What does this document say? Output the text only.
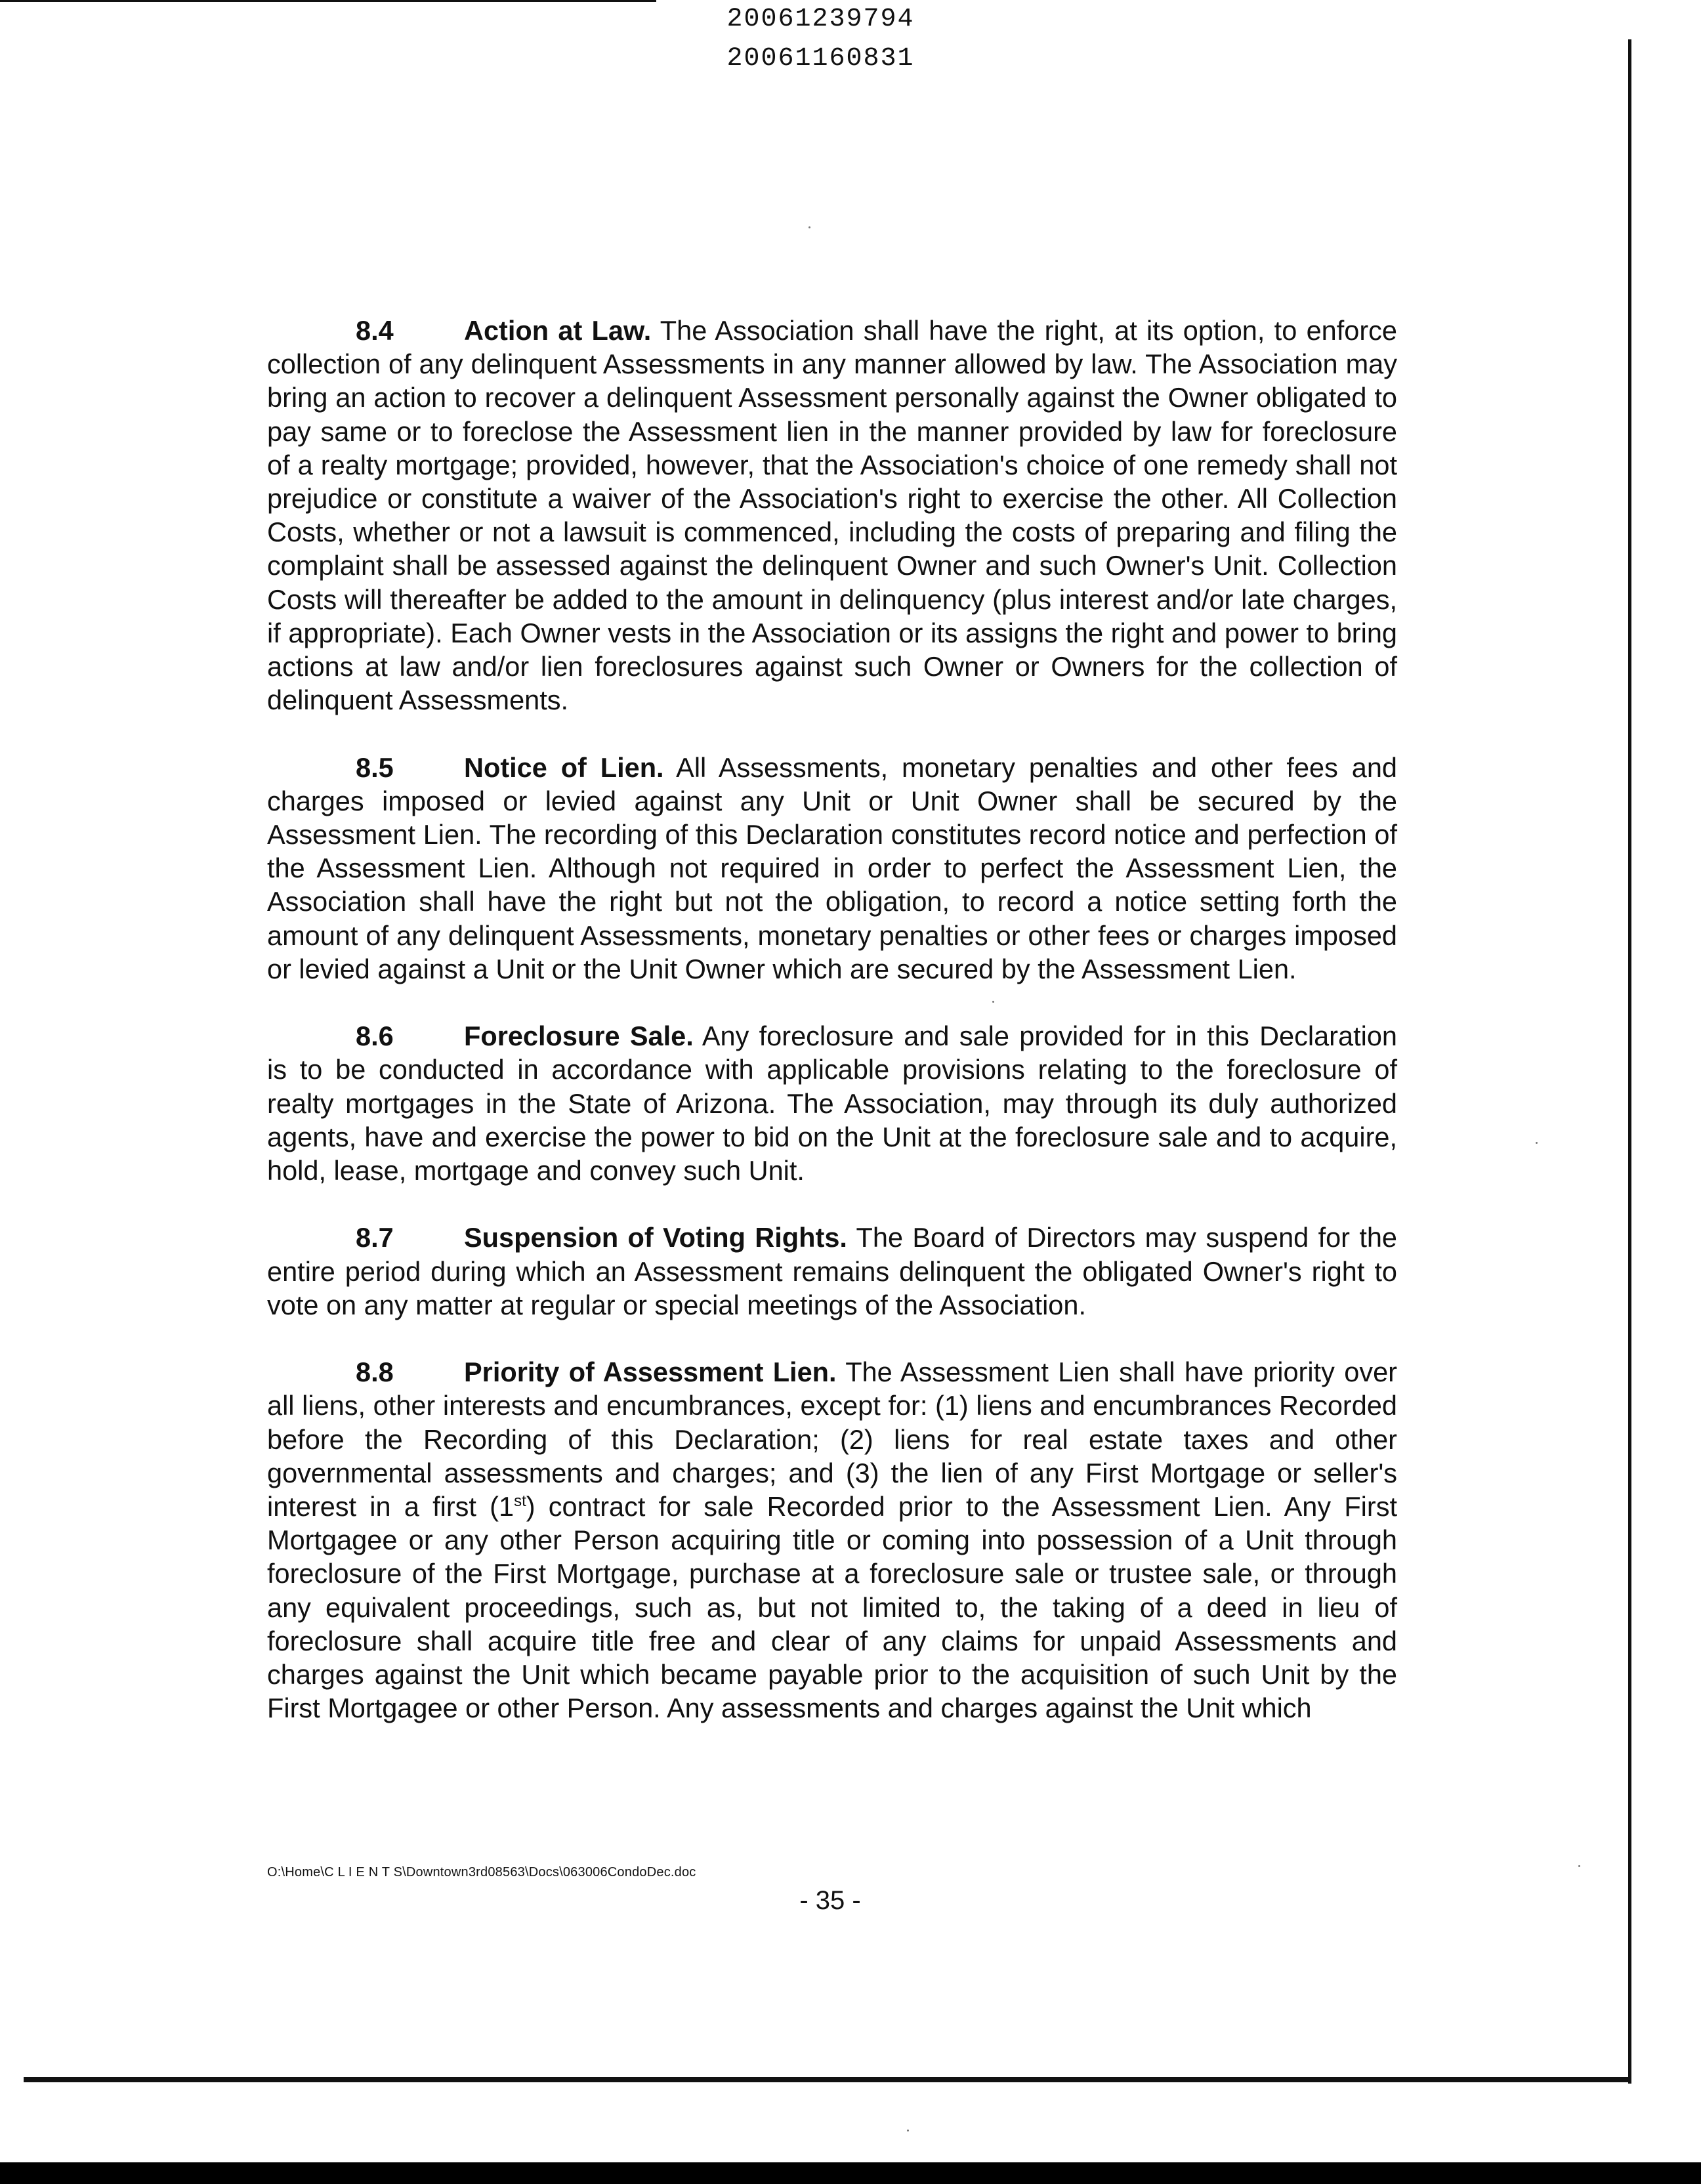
20061239794
20061160831

8.4	Action at Law. The Association shall have the right, at its option, to enforce collection of any delinquent Assessments in any manner allowed by law. The Association may bring an action to recover a delinquent Assessment personally against the Owner obligated to pay same or to foreclose the Assessment lien in the manner provided by law for foreclosure of a realty mortgage; provided, however, that the Association's choice of one remedy shall not prejudice or constitute a waiver of the Association's right to exercise the other. All Collection Costs, whether or not a lawsuit is commenced, including the costs of preparing and filing the complaint shall be assessed against the delinquent Owner and such Owner's Unit. Collection Costs will thereafter be added to the amount in delinquency (plus interest and/or late charges, if appropriate). Each Owner vests in the Association or its assigns the right and power to bring actions at law and/or lien foreclosures against such Owner or Owners for the collection of delinquent Assessments.

8.5	Notice of Lien. All Assessments, monetary penalties and other fees and charges imposed or levied against any Unit or Unit Owner shall be secured by the Assessment Lien. The recording of this Declaration constitutes record notice and perfection of the Assessment Lien. Although not required in order to perfect the Assessment Lien, the Association shall have the right but not the obligation, to record a notice setting forth the amount of any delinquent Assessments, monetary penalties or other fees or charges imposed or levied against a Unit or the Unit Owner which are secured by the Assessment Lien.

8.6	Foreclosure Sale. Any foreclosure and sale provided for in this Declaration is to be conducted in accordance with applicable provisions relating to the foreclosure of realty mortgages in the State of Arizona. The Association, may through its duly authorized agents, have and exercise the power to bid on the Unit at the foreclosure sale and to acquire, hold, lease, mortgage and convey such Unit.

8.7	Suspension of Voting Rights. The Board of Directors may suspend for the entire period during which an Assessment remains delinquent the obligated Owner's right to vote on any matter at regular or special meetings of the Association.

8.8	Priority of Assessment Lien. The Assessment Lien shall have priority over all liens, other interests and encumbrances, except for: (1) liens and encumbrances Recorded before the Recording of this Declaration; (2) liens for real estate taxes and other governmental assessments and charges; and (3) the lien of any First Mortgage or seller's interest in a first (1st) contract for sale Recorded prior to the Assessment Lien. Any First Mortgagee or any other Person acquiring title or coming into possession of a Unit through foreclosure of the First Mortgage, purchase at a foreclosure sale or trustee sale, or through any equivalent proceedings, such as, but not limited to, the taking of a deed in lieu of foreclosure shall acquire title free and clear of any claims for unpaid Assessments and charges against the Unit which became payable prior to the acquisition of such Unit by the First Mortgagee or other Person. Any assessments and charges against the Unit which

O:\Home\C L I E N T S\Downtown3rd08563\Docs\063006CondoDec.doc
- 35 -
